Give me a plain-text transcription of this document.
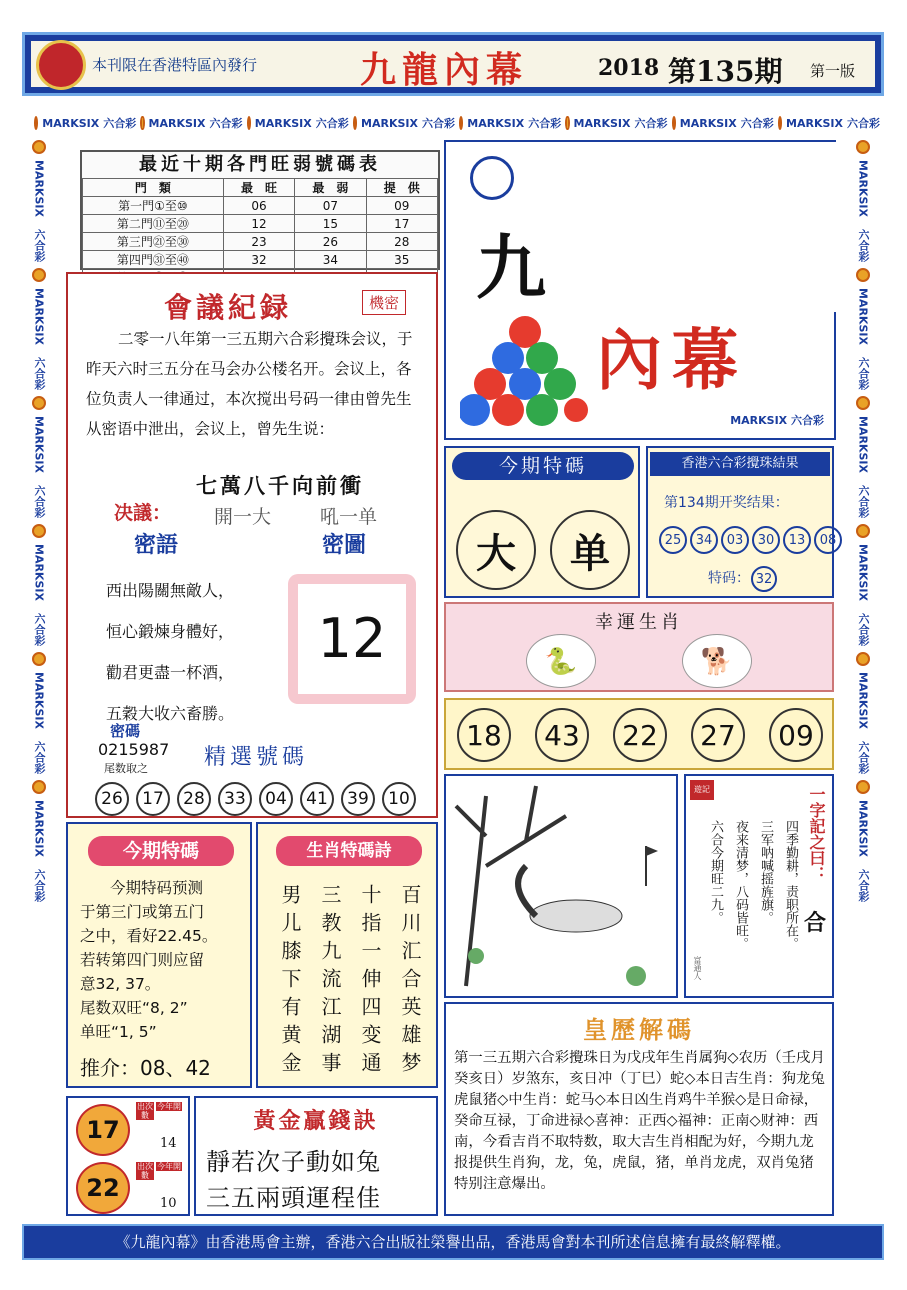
本刊限在香港特區內發行	九龍內幕	2018 第135期 第一版
MARKSIX 六合彩 MARKSIX 六合彩 MARKSIX 六合彩 MARKSIX 六合彩 MARKSIX 六合彩 MARKSIX 六合彩 MARKSIX 六合彩 MARKSIX 六合彩
MARKSIX
六合彩
MARKSIX
六合彩
MARKSIX
六合彩
MARKSIX
六合彩
MARKSIX
六合彩
MARKSIX
六合彩
MARKSIX
六合彩
MARKSIX
六合彩
MARKSIX
六合彩
MARKSIX
六合彩
MARKSIX
六合彩
MARKSIX
六合彩
最近十期各門旺弱號碼表
門　類	最　旺	最　弱	提　供
第一門①至⑩	06	07	09
第二門⑪至⑳	12	15	17
第三門㉑至㉚	23	26	28
第四門㉛至㊵	32	34	35
			九
內幕
MARKSIX 六合彩
會議紀録	機密
二零一八年第一三五期六合彩攪珠会议，于昨天六时三五分在马会办公楼名开。会议上，各位负责人一律通过，本次搅出号码一律由曾先生从密语中泄出，会议上，曾先生说：
七萬八千向前衝
决議： 開一大	吼一单
密語	密圖
西出陽關無敵人，
恒心鍛煉身體好，
勸君更盡一杯酒，
五穀大收六畜勝。
12
密碼
0215987
尾数取之	精選號碼
26	17	28	33	04	41	39	10
今期特碼
大	单
香港六合彩攪珠結果
第134期开奖结果：
25	34	03	30	13	08
特码： 32
幸運生肖
🐍	🐕
18	43	22	27	09
遊記	一字記之曰：
合
四季勤耕，责职所在。
三军呐喊摇旌旗。
夜来清梦，八码皆旺。
六合今期旺二九。
富通人
今期特碼
今期特码预测
于第三门或第五门
之中，看好22.45。
若转第四门则应留
意32, 37。
尾数双旺“8, 2”
单旺“1, 5”
推介：08、42
生肖特碼詩
百川汇合英雄梦
十指一伸四变通
三教九流江湖事
男儿膝下有黄金	皇歷解碼
第一三五期六合彩攪珠日为戊戌年生肖属狗◇农历（壬戌月癸亥日）岁煞东，亥日冲（丁巳）蛇◇本日吉生肖：狗龙兔虎鼠猪◇中生肖：蛇马◇本日凶生肖鸡牛羊猴◇是日命禄，癸命互禄，丁命进禄◇喜神：正西◇福神：正南◇财神：西南，今看吉肖不取特数，取大吉生肖相配为好，今期九龙报提供生肖狗，龙，兔，虎鼠，猪，单肖龙虎，双肖兔猪特别注意爆出。
17
出次數
今年開
14
22
出次數
今年開
10
黃金贏錢訣
靜若次子動如兔
三五兩頭運程佳
《九龍內幕》由香港馬會主辦，香港六合出版社榮譽出品，香港馬會對本刊所述信息擁有最終解釋權。
